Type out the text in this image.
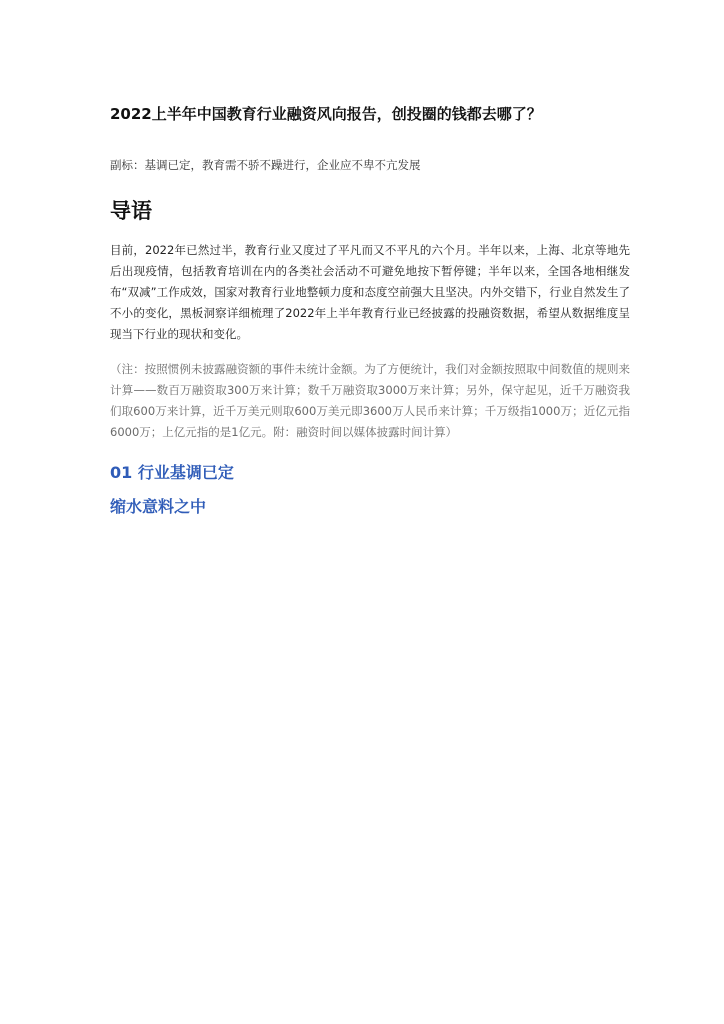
2022上半年中国教育行业融资风向报告，创投圈的钱都去哪了？
副标：基调已定，教育需不骄不躁进行，企业应不卑不亢发展
导语

目前，2022年已然过半，教育行业又度过了平凡而又不平凡的六个月。半年以来，上海、北京等地先后出现疫情，包括教育培训在内的各类社会活动不可避免地按下暂停键；半年以来，全国各地相继发布“双减”工作成效，国家对教育行业地整顿力度和态度空前强大且坚决。内外交错下，行业自然发生了不小的变化，黑板洞察详细梳理了2022年上半年教育行业已经披露的投融资数据，希望从数据维度呈现当下行业的现状和变化。

（注：按照惯例未披露融资额的事件未统计金额。为了方便统计，我们对金额按照取中间数值的规则来计算——数百万融资取300万来计算；数千万融资取3000万来计算；另外，保守起见，近千万融资我们取600万来计算，近千万美元则取600万美元即3600万人民币来计算；千万级指1000万；近亿元指6000万；上亿元指的是1亿元。附：融资时间以媒体披露时间计算）

01 行业基调已定
缩水意料之中
